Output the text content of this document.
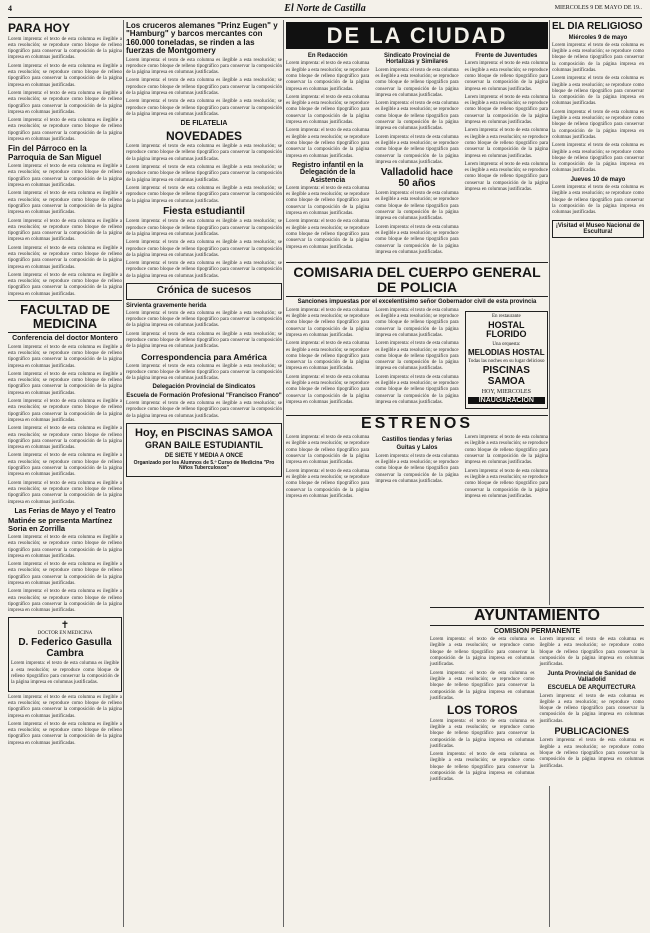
4	El Norte de Castilla	MIERCOLES 9 DE MAYO DE 19..
PARA HOY
Lorem imprenta: el texto de esta columna es ilegible a esta resolución; se reproduce como bloque de relleno tipográfico para conservar la composición de la página impresa en columnas justificadas.
Lorem imprenta: el texto de esta columna es ilegible a esta resolución; se reproduce como bloque de relleno tipográfico para conservar la composición de la página impresa en columnas justificadas.
Lorem imprenta: el texto de esta columna es ilegible a esta resolución; se reproduce como bloque de relleno tipográfico para conservar la composición de la página impresa en columnas justificadas.
Lorem imprenta: el texto de esta columna es ilegible a esta resolución; se reproduce como bloque de relleno tipográfico para conservar la composición de la página impresa en columnas justificadas.
Fin del Párroco en la Parroquia de San Miguel
Lorem imprenta: el texto de esta columna es ilegible a esta resolución; se reproduce como bloque de relleno tipográfico para conservar la composición de la página impresa en columnas justificadas.
Lorem imprenta: el texto de esta columna es ilegible a esta resolución; se reproduce como bloque de relleno tipográfico para conservar la composición de la página impresa en columnas justificadas.
Lorem imprenta: el texto de esta columna es ilegible a esta resolución; se reproduce como bloque de relleno tipográfico para conservar la composición de la página impresa en columnas justificadas.
Lorem imprenta: el texto de esta columna es ilegible a esta resolución; se reproduce como bloque de relleno tipográfico para conservar la composición de la página impresa en columnas justificadas.
Lorem imprenta: el texto de esta columna es ilegible a esta resolución; se reproduce como bloque de relleno tipográfico para conservar la composición de la página impresa en columnas justificadas.
FACULTAD DE MEDICINA
Conferencia del doctor Montero
Lorem imprenta: el texto de esta columna es ilegible a esta resolución; se reproduce como bloque de relleno tipográfico para conservar la composición de la página impresa en columnas justificadas.
Lorem imprenta: el texto de esta columna es ilegible a esta resolución; se reproduce como bloque de relleno tipográfico para conservar la composición de la página impresa en columnas justificadas.
Lorem imprenta: el texto de esta columna es ilegible a esta resolución; se reproduce como bloque de relleno tipográfico para conservar la composición de la página impresa en columnas justificadas.
Lorem imprenta: el texto de esta columna es ilegible a esta resolución; se reproduce como bloque de relleno tipográfico para conservar la composición de la página impresa en columnas justificadas.
Lorem imprenta: el texto de esta columna es ilegible a esta resolución; se reproduce como bloque de relleno tipográfico para conservar la composición de la página impresa en columnas justificadas.
Lorem imprenta: el texto de esta columna es ilegible a esta resolución; se reproduce como bloque de relleno tipográfico para conservar la composición de la página impresa en columnas justificadas.
Las Ferias de Mayo y el Teatro
Matinée se presenta Martínez Soria en Zorrilla
Lorem imprenta: el texto de esta columna es ilegible a esta resolución; se reproduce como bloque de relleno tipográfico para conservar la composición de la página impresa en columnas justificadas.
Lorem imprenta: el texto de esta columna es ilegible a esta resolución; se reproduce como bloque de relleno tipográfico para conservar la composición de la página impresa en columnas justificadas.
Lorem imprenta: el texto de esta columna es ilegible a esta resolución; se reproduce como bloque de relleno tipográfico para conservar la composición de la página impresa en columnas justificadas.
✝
DOCTOR EN MEDICINA
D. Federico Gasulla Cambra
Lorem imprenta: el texto de esta columna es ilegible a esta resolución; se reproduce como bloque de relleno tipográfico para conservar la composición de la página impresa en columnas justificadas.
Lorem imprenta: el texto de esta columna es ilegible a esta resolución; se reproduce como bloque de relleno tipográfico para conservar la composición de la página impresa en columnas justificadas.
Lorem imprenta: el texto de esta columna es ilegible a esta resolución; se reproduce como bloque de relleno tipográfico para conservar la composición de la página impresa en columnas justificadas.
Los cruceros alemanes "Prinz Eugen" y "Hamburg" y barcos mercantes con 160.000 toneladas, se rinden a las fuerzas de Montgomery
Lorem imprenta: el texto de esta columna es ilegible a esta resolución; se reproduce como bloque de relleno tipográfico para conservar la composición de la página impresa en columnas justificadas.
Lorem imprenta: el texto de esta columna es ilegible a esta resolución; se reproduce como bloque de relleno tipográfico para conservar la composición de la página impresa en columnas justificadas.
Lorem imprenta: el texto de esta columna es ilegible a esta resolución; se reproduce como bloque de relleno tipográfico para conservar la composición de la página impresa en columnas justificadas.
DE FILATELIA
NOVEDADES
Lorem imprenta: el texto de esta columna es ilegible a esta resolución; se reproduce como bloque de relleno tipográfico para conservar la composición de la página impresa en columnas justificadas.
Lorem imprenta: el texto de esta columna es ilegible a esta resolución; se reproduce como bloque de relleno tipográfico para conservar la composición de la página impresa en columnas justificadas.
Lorem imprenta: el texto de esta columna es ilegible a esta resolución; se reproduce como bloque de relleno tipográfico para conservar la composición de la página impresa en columnas justificadas.
Fiesta estudiantil
Lorem imprenta: el texto de esta columna es ilegible a esta resolución; se reproduce como bloque de relleno tipográfico para conservar la composición de la página impresa en columnas justificadas.
Lorem imprenta: el texto de esta columna es ilegible a esta resolución; se reproduce como bloque de relleno tipográfico para conservar la composición de la página impresa en columnas justificadas.
Lorem imprenta: el texto de esta columna es ilegible a esta resolución; se reproduce como bloque de relleno tipográfico para conservar la composición de la página impresa en columnas justificadas.
Crónica de sucesos
Sirvienta gravemente herida
Lorem imprenta: el texto de esta columna es ilegible a esta resolución; se reproduce como bloque de relleno tipográfico para conservar la composición de la página impresa en columnas justificadas.
Lorem imprenta: el texto de esta columna es ilegible a esta resolución; se reproduce como bloque de relleno tipográfico para conservar la composición de la página impresa en columnas justificadas.
Correspondencia para América
Lorem imprenta: el texto de esta columna es ilegible a esta resolución; se reproduce como bloque de relleno tipográfico para conservar la composición de la página impresa en columnas justificadas.
Delegación Provincial de Sindicatos
Escuela de Formación Profesional "Francisco Franco"
Lorem imprenta: el texto de esta columna es ilegible a esta resolución; se reproduce como bloque de relleno tipográfico para conservar la composición de la página impresa en columnas justificadas.
Hoy, en PISCINAS SAMOA
GRAN BAILE ESTUDIANTIL
DE SIETE Y MEDIA A ONCE
Organizado por los Alumnos de 5.º Curso de Medicina "Pro Niños Tuberculosos"
DE LA CIUDAD
En Redacción
Lorem imprenta: el texto de esta columna es ilegible a esta resolución; se reproduce como bloque de relleno tipográfico para conservar la composición de la página impresa en columnas justificadas.
Lorem imprenta: el texto de esta columna es ilegible a esta resolución; se reproduce como bloque de relleno tipográfico para conservar la composición de la página impresa en columnas justificadas.
Lorem imprenta: el texto de esta columna es ilegible a esta resolución; se reproduce como bloque de relleno tipográfico para conservar la composición de la página impresa en columnas justificadas.
Registro infantil en la Delegación de la Asistencia
Lorem imprenta: el texto de esta columna es ilegible a esta resolución; se reproduce como bloque de relleno tipográfico para conservar la composición de la página impresa en columnas justificadas.
Lorem imprenta: el texto de esta columna es ilegible a esta resolución; se reproduce como bloque de relleno tipográfico para conservar la composición de la página impresa en columnas justificadas.
Sindicato Provincial de Hortalizas y Similares
Lorem imprenta: el texto de esta columna es ilegible a esta resolución; se reproduce como bloque de relleno tipográfico para conservar la composición de la página impresa en columnas justificadas.
Lorem imprenta: el texto de esta columna es ilegible a esta resolución; se reproduce como bloque de relleno tipográfico para conservar la composición de la página impresa en columnas justificadas.
Lorem imprenta: el texto de esta columna es ilegible a esta resolución; se reproduce como bloque de relleno tipográfico para conservar la composición de la página impresa en columnas justificadas.
Valladolid hace 50 años
Lorem imprenta: el texto de esta columna es ilegible a esta resolución; se reproduce como bloque de relleno tipográfico para conservar la composición de la página impresa en columnas justificadas.
Lorem imprenta: el texto de esta columna es ilegible a esta resolución; se reproduce como bloque de relleno tipográfico para conservar la composición de la página impresa en columnas justificadas.
Frente de Juventudes
Lorem imprenta: el texto de esta columna es ilegible a esta resolución; se reproduce como bloque de relleno tipográfico para conservar la composición de la página impresa en columnas justificadas.
Lorem imprenta: el texto de esta columna es ilegible a esta resolución; se reproduce como bloque de relleno tipográfico para conservar la composición de la página impresa en columnas justificadas.
Lorem imprenta: el texto de esta columna es ilegible a esta resolución; se reproduce como bloque de relleno tipográfico para conservar la composición de la página impresa en columnas justificadas.
Lorem imprenta: el texto de esta columna es ilegible a esta resolución; se reproduce como bloque de relleno tipográfico para conservar la composición de la página impresa en columnas justificadas.
COMISARIA DEL CUERPO GENERAL DE POLICIA
Sanciones impuestas por el excelentísimo señor Gobernador civil de esta provincia
Lorem imprenta: el texto de esta columna es ilegible a esta resolución; se reproduce como bloque de relleno tipográfico para conservar la composición de la página impresa en columnas justificadas.
Lorem imprenta: el texto de esta columna es ilegible a esta resolución; se reproduce como bloque de relleno tipográfico para conservar la composición de la página impresa en columnas justificadas.
Lorem imprenta: el texto de esta columna es ilegible a esta resolución; se reproduce como bloque de relleno tipográfico para conservar la composición de la página impresa en columnas justificadas.
Lorem imprenta: el texto de esta columna es ilegible a esta resolución; se reproduce como bloque de relleno tipográfico para conservar la composición de la página impresa en columnas justificadas.
Lorem imprenta: el texto de esta columna es ilegible a esta resolución; se reproduce como bloque de relleno tipográfico para conservar la composición de la página impresa en columnas justificadas.
Lorem imprenta: el texto de esta columna es ilegible a esta resolución; se reproduce como bloque de relleno tipográfico para conservar la composición de la página impresa en columnas justificadas.
En restaurante
HOSTAL FLORIDO
Una orquesta:
MELODIAS HOSTAL
Todas las noches en su lugar delicioso
PISCINAS SAMOA
HOY, MIERCOLES
INAUGURACION
ESTRENOS
Lorem imprenta: el texto de esta columna es ilegible a esta resolución; se reproduce como bloque de relleno tipográfico para conservar la composición de la página impresa en columnas justificadas.
Lorem imprenta: el texto de esta columna es ilegible a esta resolución; se reproduce como bloque de relleno tipográfico para conservar la composición de la página impresa en columnas justificadas.
Castillos tiendas y ferias
Guitas y Lalos
Lorem imprenta: el texto de esta columna es ilegible a esta resolución; se reproduce como bloque de relleno tipográfico para conservar la composición de la página impresa en columnas justificadas.
Lorem imprenta: el texto de esta columna es ilegible a esta resolución; se reproduce como bloque de relleno tipográfico para conservar la composición de la página impresa en columnas justificadas.
Lorem imprenta: el texto de esta columna es ilegible a esta resolución; se reproduce como bloque de relleno tipográfico para conservar la composición de la página impresa en columnas justificadas.
EL DIA RELIGIOSO
Miércoles 9 de mayo
Lorem imprenta: el texto de esta columna es ilegible a esta resolución; se reproduce como bloque de relleno tipográfico para conservar la composición de la página impresa en columnas justificadas.
Lorem imprenta: el texto de esta columna es ilegible a esta resolución; se reproduce como bloque de relleno tipográfico para conservar la composición de la página impresa en columnas justificadas.
Lorem imprenta: el texto de esta columna es ilegible a esta resolución; se reproduce como bloque de relleno tipográfico para conservar la composición de la página impresa en columnas justificadas.
Lorem imprenta: el texto de esta columna es ilegible a esta resolución; se reproduce como bloque de relleno tipográfico para conservar la composición de la página impresa en columnas justificadas.
Jueves 10 de mayo
Lorem imprenta: el texto de esta columna es ilegible a esta resolución; se reproduce como bloque de relleno tipográfico para conservar la composición de la página impresa en columnas justificadas.
¡Visitad el Museo Nacional de Escultura!
AYUNTAMIENTO
COMISION PERMANENTE
Lorem imprenta: el texto de esta columna es ilegible a esta resolución; se reproduce como bloque de relleno tipográfico para conservar la composición de la página impresa en columnas justificadas.
Lorem imprenta: el texto de esta columna es ilegible a esta resolución; se reproduce como bloque de relleno tipográfico para conservar la composición de la página impresa en columnas justificadas.
LOS TOROS
Lorem imprenta: el texto de esta columna es ilegible a esta resolución; se reproduce como bloque de relleno tipográfico para conservar la composición de la página impresa en columnas justificadas.
Lorem imprenta: el texto de esta columna es ilegible a esta resolución; se reproduce como bloque de relleno tipográfico para conservar la composición de la página impresa en columnas justificadas.
Lorem imprenta: el texto de esta columna es ilegible a esta resolución; se reproduce como bloque de relleno tipográfico para conservar la composición de la página impresa en columnas justificadas.
Junta Provincial de Sanidad de Valladolid
ESCUELA DE ARQUITECTURA
Lorem imprenta: el texto de esta columna es ilegible a esta resolución; se reproduce como bloque de relleno tipográfico para conservar la composición de la página impresa en columnas justificadas.
PUBLICACIONES
Lorem imprenta: el texto de esta columna es ilegible a esta resolución; se reproduce como bloque de relleno tipográfico para conservar la composición de la página impresa en columnas justificadas.
